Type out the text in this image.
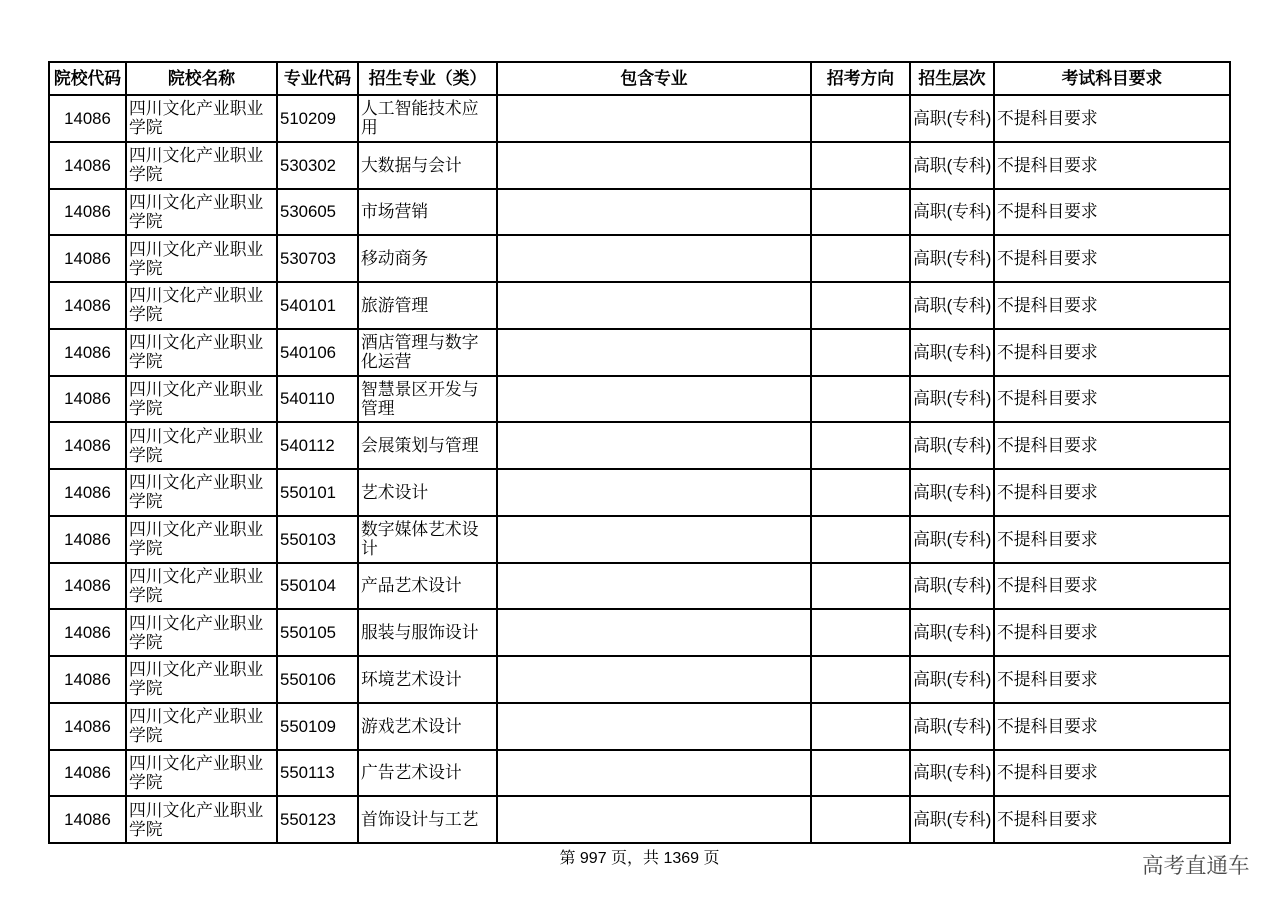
院校代码	院校名称	专业代码	招生专业（类）	包含专业	招考方向	招生层次	考试科目要求
14086 四川文化产业职业学院	510209 人工智能技术应用	高职(专科) 不提科目要求
14086 四川文化产业职业学院	530302 大数据与会计	高职(专科) 不提科目要求
14086 四川文化产业职业学院	530605 市场营销	高职(专科) 不提科目要求
14086 四川文化产业职业学院	530703 移动商务	高职(专科) 不提科目要求
14086 四川文化产业职业学院	540101 旅游管理	高职(专科) 不提科目要求
14086 四川文化产业职业学院	540106 酒店管理与数字化运营	高职(专科) 不提科目要求
14086 四川文化产业职业学院	540110 智慧景区开发与管理	高职(专科) 不提科目要求
14086 四川文化产业职业学院	540112 会展策划与管理	高职(专科) 不提科目要求
14086 四川文化产业职业学院	550101 艺术设计	高职(专科) 不提科目要求
14086 四川文化产业职业学院	550103 数字媒体艺术设计	高职(专科) 不提科目要求
14086 四川文化产业职业学院	550104 产品艺术设计	高职(专科) 不提科目要求
14086 四川文化产业职业学院	550105 服装与服饰设计	高职(专科) 不提科目要求
14086 四川文化产业职业学院	550106 环境艺术设计	高职(专科) 不提科目要求
14086 四川文化产业职业学院	550109 游戏艺术设计	高职(专科) 不提科目要求
14086 四川文化产业职业学院	550113 广告艺术设计	高职(专科) 不提科目要求
14086 四川文化产业职业学院	550123 首饰设计与工艺	高职(专科) 不提科目要求
第 997 页，共 1369 页	高考直通车
